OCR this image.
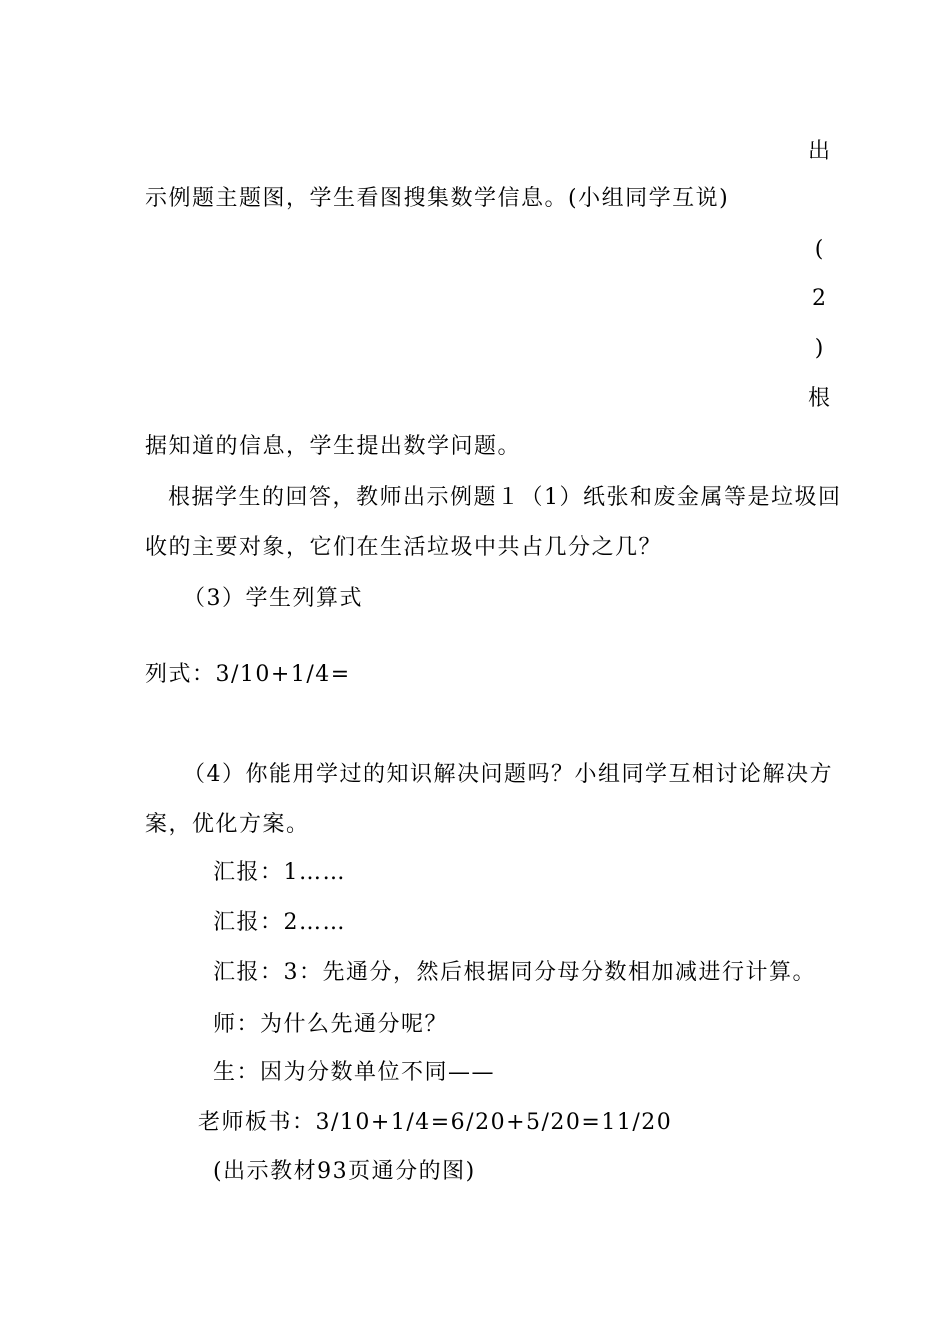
出
(
2
)
根
示例题主题图，学生看图搜集数学信息。(小组同学互说)
据知道的信息，学生提出数学问题。
根据学生的回答，教师出示例题１（1）纸张和废金属等是垃圾回
收的主要对象，它们在生活垃圾中共占几分之几？
（3）学生列算式
列式：3/10+1/4=
（4）你能用学过的知识解决问题吗？小组同学互相讨论解决方
案，优化方案。
汇报：1……
汇报：2……
汇报：3：先通分，然后根据同分母分数相加减进行计算。
师：为什么先通分呢？
生：因为分数单位不同——
老师板书：3/10+1/4=6/20+5/20=11/20
(出示教材93页通分的图)
